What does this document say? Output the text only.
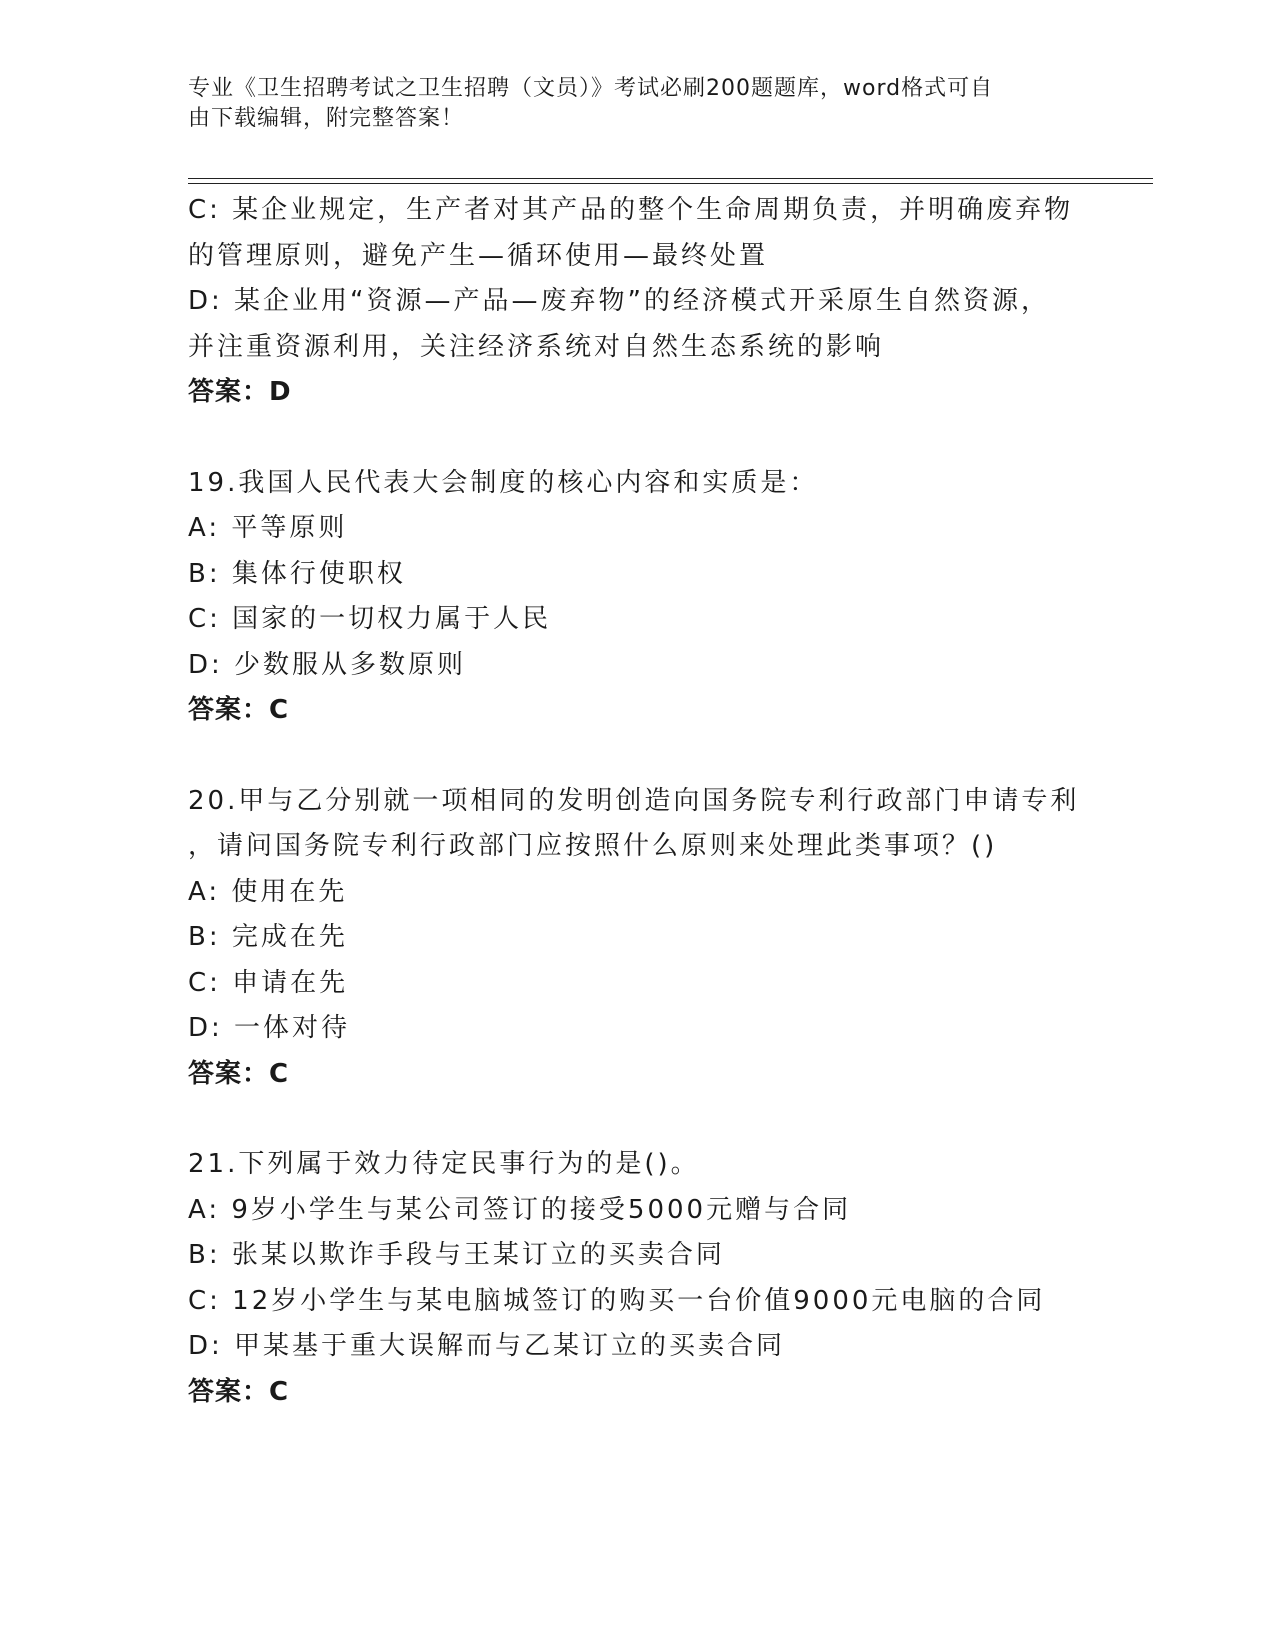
专业《卫生招聘考试之卫生招聘（文员）》考试必刷200题题库，word格式可自
由下载编辑，附完整答案！
C: 某企业规定，生产者对其产品的整个生命周期负责，并明确废弃物
的管理原则，避免产生—循环使用—最终处置
D: 某企业用“资源—产品—废弃物”的经济模式开采原生自然资源，
并注重资源利用，关注经济系统对自然生态系统的影响
答案：D
19.我国人民代表大会制度的核心内容和实质是：
A: 平等原则
B: 集体行使职权
C: 国家的一切权力属于人民
D: 少数服从多数原则
答案：C
20.甲与乙分别就一项相同的发明创造向国务院专利行政部门申请专利
，请问国务院专利行政部门应按照什么原则来处理此类事项？()
A: 使用在先
B: 完成在先
C: 申请在先
D: 一体对待
答案：C
21.下列属于效力待定民事行为的是()。
A: 9岁小学生与某公司签订的接受5000元赠与合同
B: 张某以欺诈手段与王某订立的买卖合同
C: 12岁小学生与某电脑城签订的购买一台价值9000元电脑的合同
D: 甲某基于重大误解而与乙某订立的买卖合同
答案：C
